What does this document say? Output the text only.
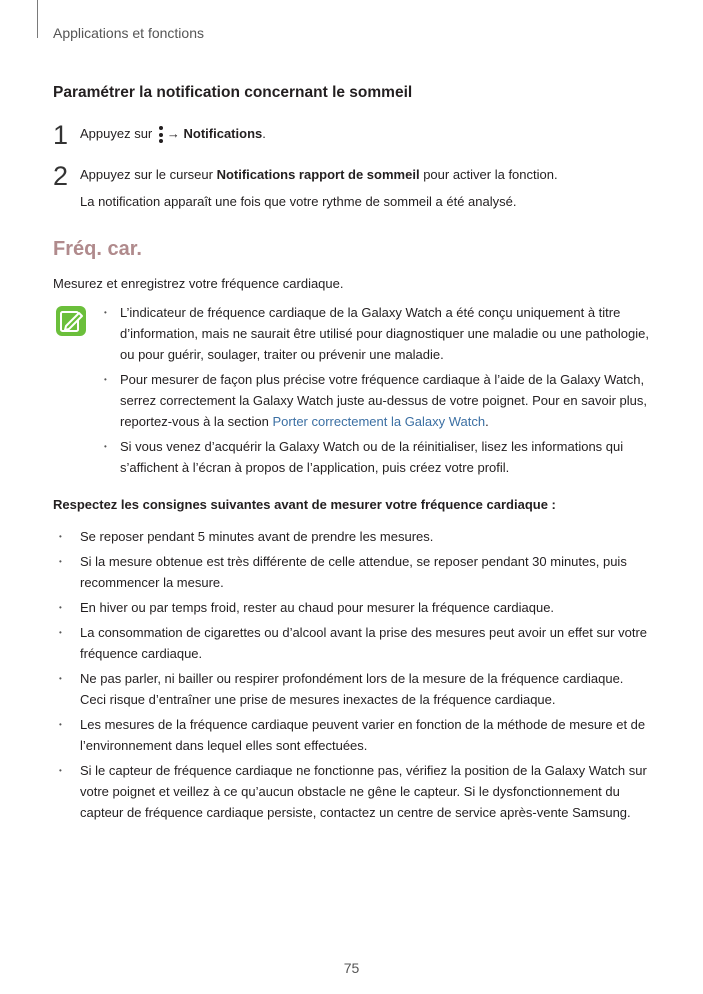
Applications et fonctions
Paramétrer la notification concernant le sommeil
1 Appuyez sur → Notifications.
2 Appuyez sur le curseur Notifications rapport de sommeil pour activer la fonction.
La notification apparaît une fois que votre rythme de sommeil a été analysé.
Fréq. car.
Mesurez et enregistrez votre fréquence cardiaque.
• L’indicateur de fréquence cardiaque de la Galaxy Watch a été conçu uniquement à titre d’information, mais ne saurait être utilisé pour diagnostiquer une maladie ou une pathologie, ou pour guérir, soulager, traiter ou prévenir une maladie.
• Pour mesurer de façon plus précise votre fréquence cardiaque à l’aide de la Galaxy Watch, serrez correctement la Galaxy Watch juste au-dessus de votre poignet. Pour en savoir plus, reportez-vous à la section Porter correctement la Galaxy Watch.
• Si vous venez d’acquérir la Galaxy Watch ou de la réinitialiser, lisez les informations qui s’affichent à l’écran à propos de l’application, puis créez votre profil.
Respectez les consignes suivantes avant de mesurer votre fréquence cardiaque :
• Se reposer pendant 5 minutes avant de prendre les mesures.
• Si la mesure obtenue est très différente de celle attendue, se reposer pendant 30 minutes, puis recommencer la mesure.
• En hiver ou par temps froid, rester au chaud pour mesurer la fréquence cardiaque.
• La consommation de cigarettes ou d’alcool avant la prise des mesures peut avoir un effet sur votre fréquence cardiaque.
• Ne pas parler, ni bailler ou respirer profondément lors de la mesure de la fréquence cardiaque. Ceci risque d’entraîner une prise de mesures inexactes de la fréquence cardiaque.
• Les mesures de la fréquence cardiaque peuvent varier en fonction de la méthode de mesure et de l’environnement dans lequel elles sont effectuées.
• Si le capteur de fréquence cardiaque ne fonctionne pas, vérifiez la position de la Galaxy Watch sur votre poignet et veillez à ce qu’aucun obstacle ne gêne le capteur. Si le dysfonctionnement du capteur de fréquence cardiaque persiste, contactez un centre de service après-vente Samsung.
75
